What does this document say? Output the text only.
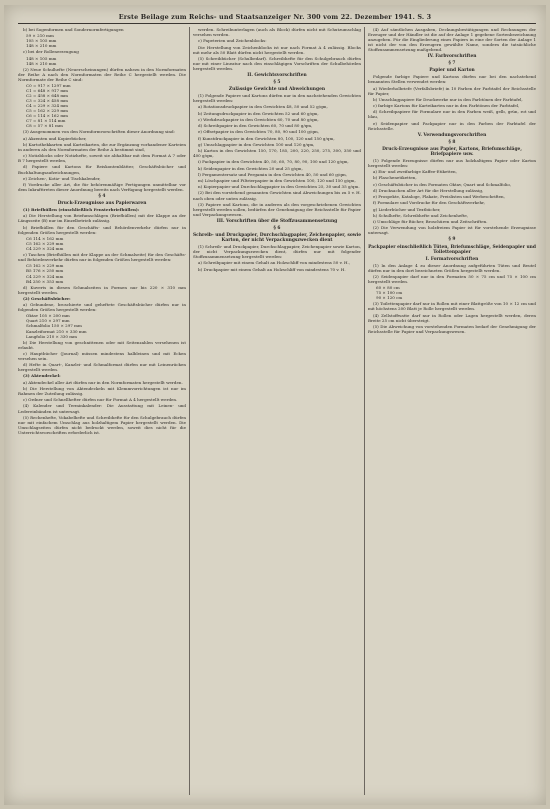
Erste Beilage zum Reichs- und Staatsanzeiger Nr. 300 vom 22. Dezember 1941. S. 3
b) bei Sogenformen und Sondernormfertigungen
59 × 210 mm
105 × 105 mm
148 × 210 mm
c) bei der Rollenerzeugung
148 × 105 mm
148 × 210 mm
(2) Neue Schulhefte (Neuerscheinungen) dürfen nahezu in den Normformaten der Reihe A nach den Normformaten der Reihe C hergestellt werden. Die Normformate der Reihe C sind:
C0 = 917 × 1297 mm
C1 = 648 × 917 mm
C2 = 458 × 648 mm
C3 = 324 × 458 mm
C4 = 229 × 324 mm
C5 = 162 × 229 mm
C6 = 114 × 162 mm
C7 = 81 × 114 mm
C8 = 57 × 81 mm
(3) Ausgenommen von den Normformvorschriften dieser Anordnung sind:
a) Akzenten und Kopierbücher,
b) Kartothekkarten und Karteikarten, die zur Ergänzung vorhandener Karteien in anderen als den Normformaten der Reihe A bestimmt sind,
c) Notizblocks oder Notizhefte, soweit sie abhaltbar mit dem Format A 7 oder B 7 hergestellt werden,
d) Papiere und Kartons für Reiskontenblätter, Geschäftsbücher und Buchhaltungsaufzeichnungen,
e) Zeichen-, Kotiz- und Tischkalender,
f) Vordrucke aller Art, die für behörenmäßige Fertigungen unmittelbar vor dem Inkrafttreten dieser Anordnung bereits nach Verfügung hergestellt werden.
§ 4
Druck-Erzeugnisse aus Papierwaren
(1) Briefhüllen (einschließlich Fensterbriefhüllen):
a) Die Herstellung von Briefumschlägen (Briefhüllen) mit der Klappe an der Längsseite (B) nur im Einzelbetrieb zulässig.
b) Briefhüllen für den Geschäfts- und Behördenverkehr dürfen nur in folgenden Größen hergestellt werden:
C6 114 × 162 mm
C5 162 × 229 mm
C4 229 × 324 mm
c) Taschen (Briefhüllen mit der Klappe an der Schmalseite) für den Geschäfts- und Behördenverkehr dürfen nur in folgenden Größen hergestellt werden:
C5 162 × 229 mm
B5 176 × 250 mm
C4 229 × 324 mm
B4 250 × 353 mm
d) Kuverts in diesen Schmalseiten in Formen nur bis 220 × 310 mm hergestellt werden.
(2) Geschäftsbücher:
a) Gebundene, broschierte und geheftete Geschäftsbücher dürfen nur in folgenden Größen hergestellt werden:
Oktav 105 × 200 mm
Quart 210 × 297 mm
Schmalfolio 150 × 297 mm
Kanzleiformat 210 × 330 mm
Langfolio 210 × 330 mm
b) Die Herstellung von geschnittenen oder mit Seitenzahlen versehenen ist erlaubt.
c) Hauptbücher (Journal) müssen mindestens halbleinen und mit Ecken versehen sein.
d) Hefte in Quart-, Kanzlei- und Schmalformat dürfen nur mit Leinenrücken hergestellt werden.
(3) Aktendeckel:
a) Aktendeckel aller Art dürfen nur in den Normformaten hergestellt werden.
b) Die Herstellung von Aktendeckeln mit Klemmvorrichtungen ist nur im Rahmen der Zuteilung zulässig.
c) Ordner und Schnellhefter dürfen nur für Format A 4 hergestellt werden.
(4) Kalender und Terminkalender: Die Ausstattung mit Leinen- und Ledereinbänden ist untersagt.
(5) Rechenhefte, Vokabelhefte und Schreibhefte für den Schulgebrauch dürfen nur mit einfachem Umschlag aus holzhaltigem Papier hergestellt werden. Die Umschlagseiten dürfen nicht bedruckt werden, soweit dies nicht für die Unterrichtsvorschriften erforderlich ist.
werden. Schreibunterlagen (auch als Block) dürfen nicht mit Schutzumschlag versehen werden.
c) Papeterien und Zeichenblocks:
Die Herstellung von Zeichenblocks ist nur nach Format A 4 zulässig. Blocks mit mehr als 50 Blatt dürfen nicht hergestellt werden.
(5) Schreibbücher (Schulbedarf). Schreibhefte für den Schulgebrauch dürfen nur mit einer Lineatur nach den einschlägigen Vorschriften der Schulbehörden hergestellt werden.
II. Gewichtsvorschriften
§ 5
Zulässige Gewichte und Abweichungen
(1) Folgende Papiere und Kartons dürfen nur in den nachstehenden Gewichten hergestellt werden:
a) Rotationsdruckpapier in den Gewichten 48, 50 und 52 g/qm,
b) Zeitungsdruckpapier in den Gewichten 52 und 60 g/qm,
c) Werkdruckpapier in den Gewichten 60, 70 und 80 g/qm,
d) Schreibpapier in den Gewichten 60, 70 und 80 g/qm,
e) Offsetpapier in den Gewichten 70, 80, 90 und 100 g/qm,
f) Kunstdruckpapier in den Gewichten 80, 100, 120 und 150 g/qm,
g) Umschlagpapier in den Gewichten 100 und 120 g/qm,
h) Karton in den Gewichten 150, 170, 185, 200, 220, 250, 275, 300, 350 und 400 g/qm,
i) Packpapier in den Gewichten 40, 50, 60, 70, 80, 90, 100 und 120 g/qm,
k) Seidenpapier in den Gewichten 20 und 25 g/qm,
l) Pergamentersatz und Pergamin in den Gewichten 40, 50 und 60 g/qm,
m) Löschpapier und Filtrierpapier in den Gewichten 100, 120 und 150 g/qm,
n) Kopierpapier und Durchschlagpapier in den Gewichten 25, 30 und 35 g/qm.
(2) Bei den vorstehend genannten Gewichten sind Abweichungen bis zu 5 v. H. nach oben oder unten zulässig.
(3) Papiere und Kartons, die in anderen als den vorgeschriebenen Gewichten hergestellt werden sollen, bedürfen der Genehmigung der Reichsstelle für Papier und Verpackungswesen.
III. Vorschriften über die Stoffzusammensetzung
§ 6
Schreib- und Druckpapier, Durchschlagpapier, Zeichenpapier, sowie Karton, der nicht Verpackungszwecken dient
(1) Schreib- und Druckpapier, Durchschlagpapier, Zeichenpapier sowie Karton, der nicht Verpackungszwecken dient, dürfen nur mit folgender Stoffzusammensetzung hergestellt werden:
a) Schreibpapier mit einem Gehalt an Holzschliff von mindestens 50 v. H.,
b) Druckpapier mit einem Gehalt an Holzschliff von mindestens 70 v. H.
(4) Auf sämtlichen Ausgaben, Deckungsbestätigungen und Rechnungen der Erzeuger und der Händler ist die auf der Anlage 1 gegebene Sortenbezeichnung anzugeben. Für die Eingliederung eines Papiers in eine der Sorten der Anlage 1 ist nicht der von den Erzeugern gewählte Name, sondern die tatsächliche Stoffzusammensetzung maßgebend.
IV. Farbvorschriften
§ 7
Papier und Karton
Folgende farbige Papiere und Kartons dürfen nur bei den nachstehend benannten Stellen verwendet werden:
a) Wiederholbriefe (Verfallsbriefe) in 10 Farben der Farbtafel der Reichsstelle für Papier,
b) Umschlagpapiere für Druckwerke nur in den Farbtönen der Farbtafel,
c) farbige Kartons für Karteikarten nur in den Farbtönen der Farbtafel,
d) Schreibpapiere für Formulare nur in den Farben weiß, gelb, grün, rot und blau,
e) Seidenpapier und Packpapier nur in den Farben der Farbtafel der Reichsstelle.
V. Verwendungsvorschriften
§ 8
Druck-Erzeugnisse aus Papier, Kartons, Briefumschläge, Briefpapiere usw.
(1) Folgende Erzeugnisse dürfen nur aus holzhaltigem Papier oder Karton hergestellt werden:
a) Ein- und zweifarbige Kaffee-Etiketten,
b) Flaschenetiketten,
c) Geschäftsbücher in den Formaten Oktav, Quart und Schmalfolio,
d) Drucksachen aller Art für die Herstellung zulässig,
e) Prospekte, Kataloge, Plakate, Preislisten und Werbeschriften,
f) Formulare und Vordrucke für den Geschäftsverkehr,
g) Liederbücher und Textbücher,
h) Schulhefte, Schreibhefte und Zeichenhefte,
i) Umschläge für Bücher, Broschüren und Zeitschriften.
(2) Die Verwendung von holzfreiem Papier ist für vorstehende Erzeugnisse untersagt.
§ 9
Packpapier einschließlich Tüten, Briefumschläge, Seidenpapier und Toilettenpapier
I. Formatvorschriften
(1) In den Anlage 4 zu dieser Anordnung aufgeführten Tüten und Beutel dürfen nur in den dort bezeichneten Größen hergestellt werden.
(2) Seidenpapier darf nur in den Formaten 50 × 75 cm und 75 × 100 cm hergestellt werden.
60 × 80 cm
75 × 100 cm
90 × 120 cm
(3) Toilettenpapier darf nur in Rollen mit einer Blattgröße von 10 × 12 cm und mit höchstens 200 Blatt je Rolle hergestellt werden.
(4) Zellstoffwatte darf nur in Rollen oder Lagen hergestellt werden, deren Breite 25 cm nicht übersteigt.
(5) Die Abweichung von vorstehenden Formaten bedarf der Genehmigung der Reichsstelle für Papier und Verpackungswesen.
